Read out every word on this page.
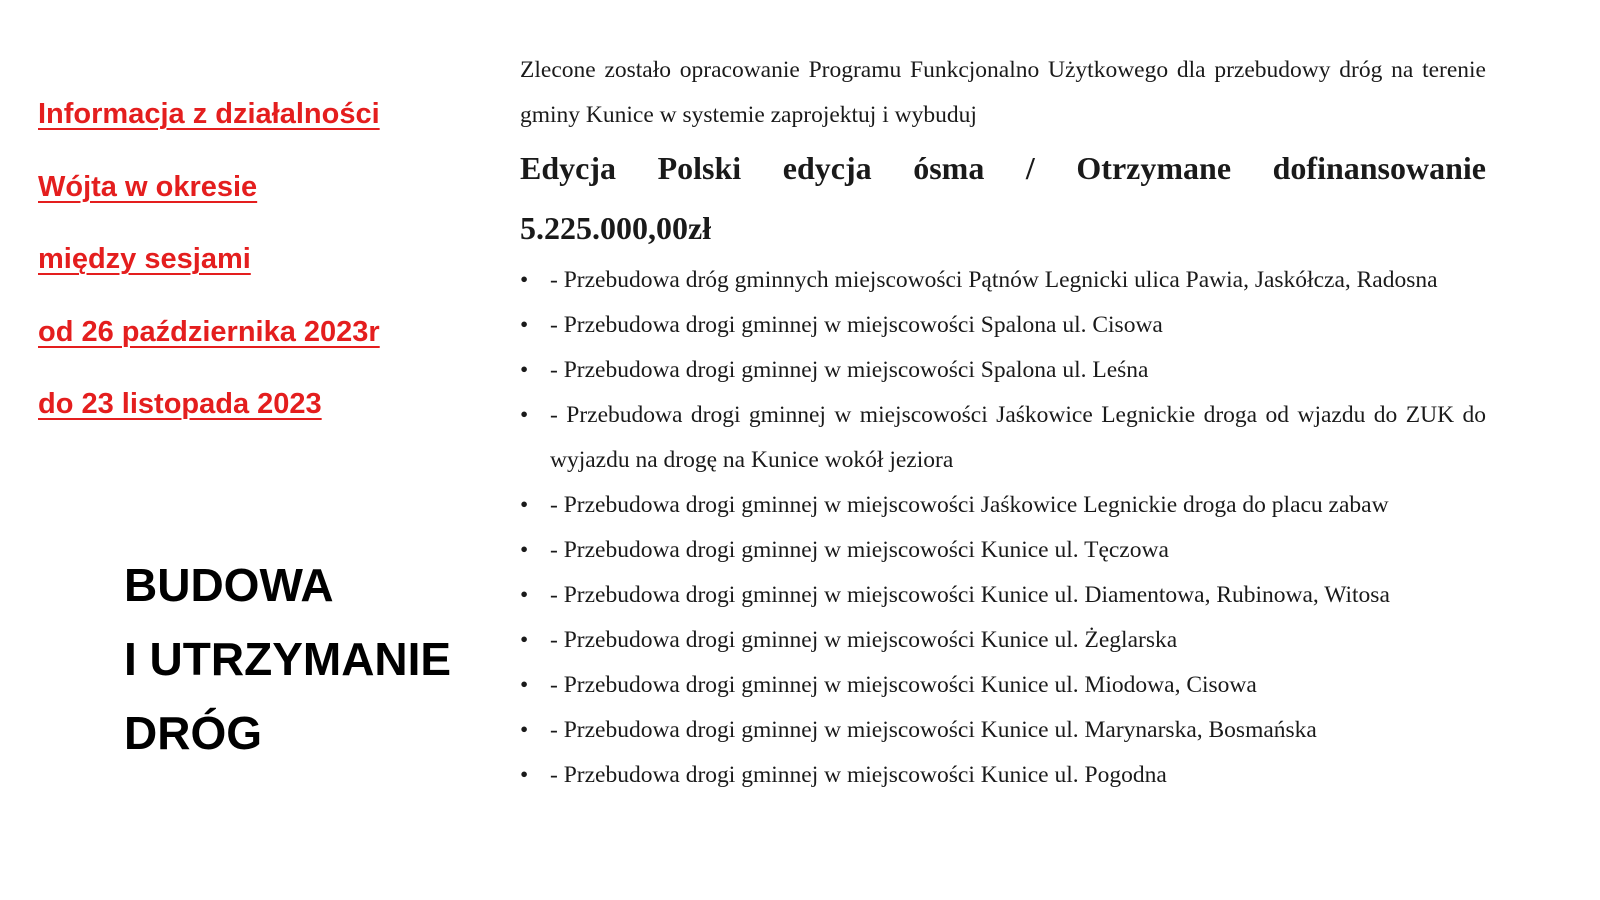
Informacja z działalności
Wójta w okresie
między sesjami
od 26 października 2023r
do 23 listopada 2023
BUDOWA
I UTRZYMANIE
DRÓG

Zlecone zostało opracowanie Programu Funkcjonalno Użytkowego dla przebudowy dróg na terenie gminy Kunice w systemie zaprojektuj i wybuduj

Edycja Polski edycja ósma / Otrzymane dofinansowanie
5.225.000,00zł

• - Przebudowa dróg gminnych miejscowości Pątnów Legnicki ulica Pawia, Jaskółcza, Radosna
• - Przebudowa drogi gminnej w miejscowości Spalona ul. Cisowa
• - Przebudowa drogi gminnej w miejscowości Spalona ul. Leśna
• - Przebudowa drogi gminnej w miejscowości Jaśkowice Legnickie droga od wjazdu do ZUK do wyjazdu na drogę na Kunice wokół jeziora
• - Przebudowa drogi gminnej w miejscowości Jaśkowice Legnickie droga do placu zabaw
• - Przebudowa drogi gminnej w miejscowości Kunice ul. Tęczowa
• - Przebudowa drogi gminnej w miejscowości Kunice ul. Diamentowa, Rubinowa, Witosa
• - Przebudowa drogi gminnej w miejscowości Kunice ul. Żeglarska
• - Przebudowa drogi gminnej w miejscowości Kunice ul. Miodowa, Cisowa
• - Przebudowa drogi gminnej w miejscowości Kunice ul. Marynarska, Bosmańska
• - Przebudowa drogi gminnej w miejscowości Kunice ul. Pogodna
